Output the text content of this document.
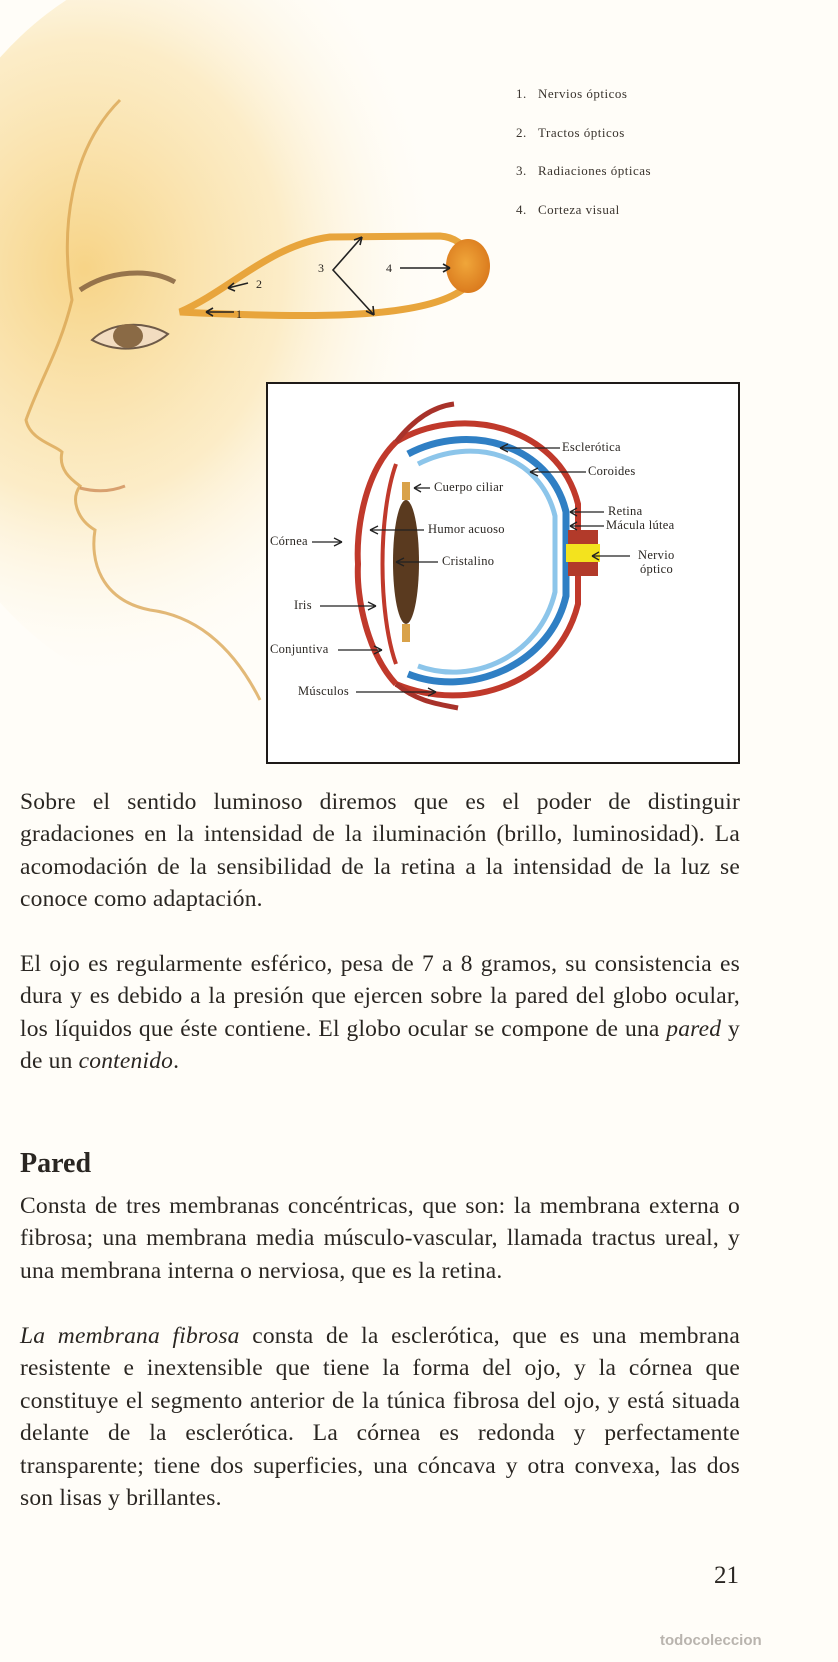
1
2
3	4
1. Nervios ópticos
2. Tractos ópticos
3. Radiaciones ópticas
4. Corteza visual
Esclerótica
Coroides
Cuerpo ciliar
Retina
Mácula lútea
Humor acuoso
Córnea
Nervio
óptico
Cristalino
Iris
Conjuntiva
Músculos

Sobre el sentido luminoso diremos que es el poder de distinguir gradaciones en la intensidad de la iluminación (brillo, luminosidad). La acomodación de la sensibilidad de la retina a la intensidad de la luz se conoce como adaptación.

El ojo es regularmente esférico, pesa de 7 a 8 gramos, su consistencia es dura y es debido a la presión que ejercen sobre la pared del globo ocular, los líquidos que éste contiene. El globo ocular se compone de una pared y de un contenido.

Pared

Consta de tres membranas concéntricas, que son: la membrana externa o fibrosa; una membrana media músculo-vascular, llamada tractus ureal, y una membrana interna o nerviosa, que es la retina.

La membrana fibrosa consta de la esclerótica, que es una membrana resistente e inextensible que tiene la forma del ojo, y la córnea que constituye el segmento anterior de la túnica fibrosa del ojo, y está situada delante de la esclerótica. La córnea es redonda y perfectamente transparente; tiene dos superficies, una cóncava y otra convexa, las dos son lisas y brillantes.

21
todocoleccion
